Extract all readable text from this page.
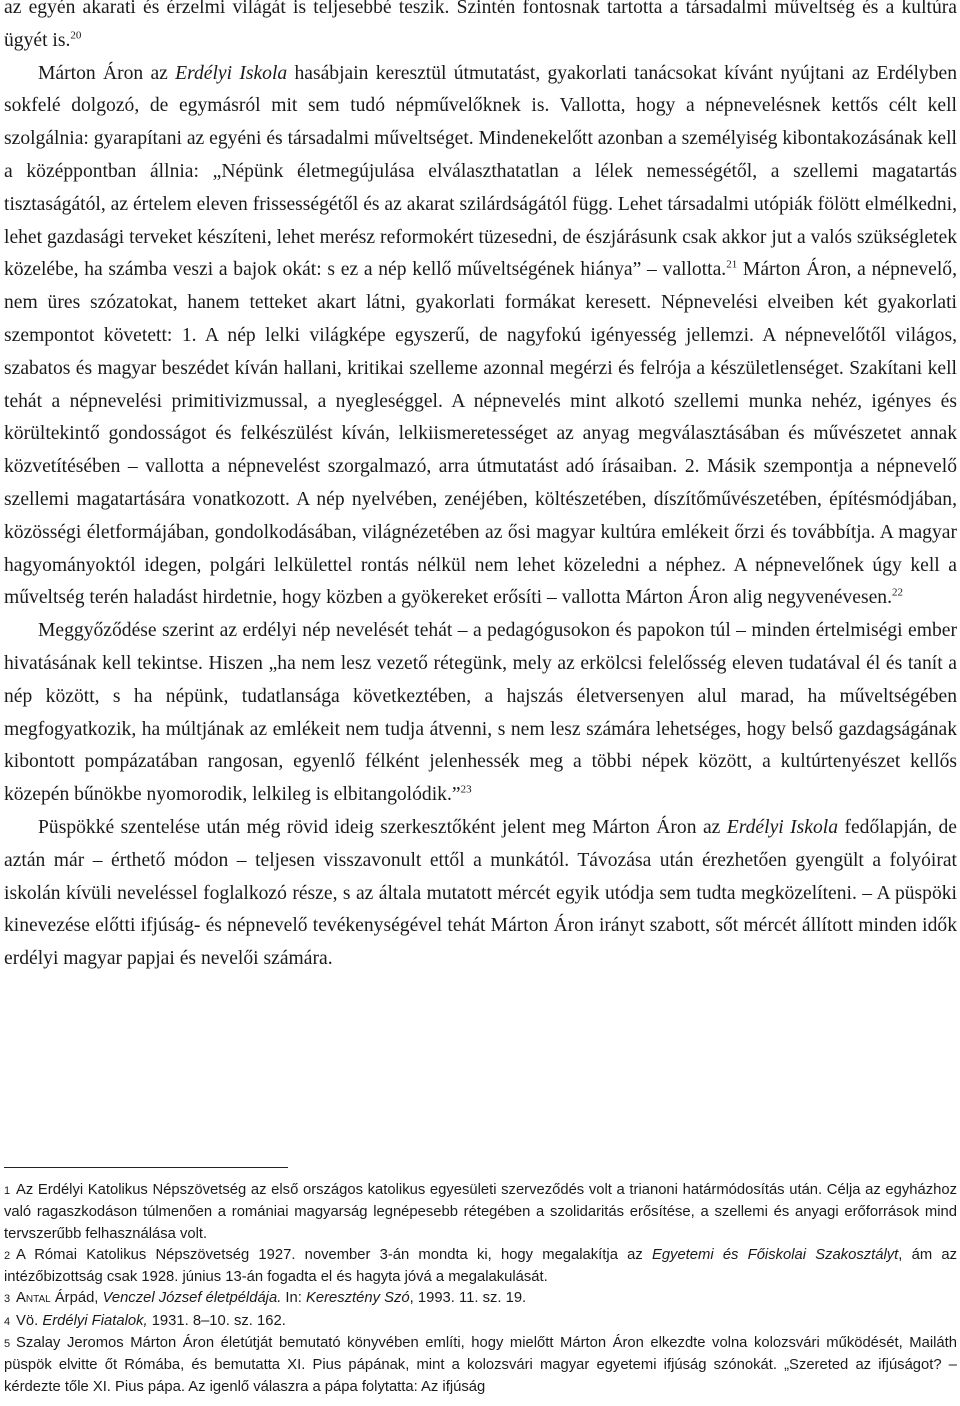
az egyén akarati és érzelmi világát is teljesebbé teszik. Szintén fontosnak tartotta a társadalmi műveltség és a kultúra ügyét is.$^{20}$

Márton Áron az Erdélyi Iskola hasábjain keresztül útmutatást, gyakorlati tanácsokat kívánt nyújtani az Erdélyben sokfelé dolgozó, de egymásról mit sem tudó népművelőknek is. Vallotta, hogy a népnevelésnek kettős célt kell szolgálnia: gyarapítani az egyéni és társadalmi műveltséget. Mindenekelőtt azonban a személyiség kibontakozásának kell a középpontban állnia: „Népünk életmegújulása elválaszthatatlan a lélek nemességétől, a szellemi magatartás tisztaságától, az értelem eleven frissességétől és az akarat szilárdságától függ. Lehet társadalmi utópiák fölött elmélkedni, lehet gazdasági terveket készíteni, lehet merész reformokért tüzesedni, de észjárásunk csak akkor jut a valós szükségletek közelébe, ha számba veszi a bajok okát: s ez a nép kellő műveltségének hiánya” – vallotta.$^{21}$ Márton Áron, a népnevelő, nem üres szózatokat, hanem tetteket akart látni, gyakorlati formákat keresett. Népnevelési elveiben két gyakorlati szempontot követett: 1. A nép lelki világképe egyszerű, de nagyfokú igényesség jellemzi. A népnevelőtől világos, szabatos és magyar beszédet kíván hallani, kritikai szelleme azonnal megérzi és felrója a készületlenséget. Szakítani kell tehát a népnevelési primitivizmussal, a nyegleséggel. A népnevelés mint alkotó szellemi munka nehéz, igényes és körültekintő gondosságot és felkészülést kíván, lelkiismeretességet az anyag megválasztásában és művészetet annak közvetítésében – vallotta a népnevelést szorgalmazó, arra útmutatást adó írásaiban. 2. Másik szempontja a népnevelő szellemi magatartására vonatkozott. A nép nyelvében, zenéjében, költészetében, díszítőművészetében, építésmódjában, közösségi életformájában, gondolkodásában, világnézetében az ősi magyar kultúra emlékeit őrzi és továbbítja. A magyar hagyományoktól idegen, polgári lelkülettel rontás nélkül nem lehet közeledni a néphez. A népnevelőnek úgy kell a műveltség terén haladást hirdetnie, hogy közben a gyökereket erősíti – vallotta Márton Áron alig negyvenévesen.$^{22}$

Meggyőződése szerint az erdélyi nép nevelését tehát – a pedagógusokon és papokon túl – minden értelmiségi ember hivatásának kell tekintse. Hiszen „ha nem lesz vezető rétegünk, mely az erkölcsi felelősség eleven tudatával él és tanít a nép között, s ha népünk, tudatlansága következtében, a hajszás életversenyen alul marad, ha műveltségében megfogyatkozik, ha múltjának az emlékeit nem tudja átvenni, s nem lesz számára lehetséges, hogy belső gazdagságának kibontott pompázatában rangosan, egyenlő félként jelenhessék meg a többi népek között, a kultúrtenyészet kellős közepén bűnökbe nyomorodik, lelkileg is elbitangolódik.”$^{23}$

Püspökké szentelése után még rövid ideig szerkesztőként jelent meg Márton Áron az Erdélyi Iskola fedőlapján, de aztán már – érthető módon – teljesen visszavonult ettől a munkától. Távozása után érezhetően gyengült a folyóirat iskolán kívüli neveléssel foglalkozó része, s az általa mutatott mércét egyik utódja sem tudta megközelíteni. – A püspöki kinevezése előtti ifjúság- és népnevelő tevékenységével tehát Márton Áron irányt szabott, sőt mércét állított minden idők erdélyi magyar papjai és nevelői számára.

1 Az Erdélyi Katolikus Népszövetség az első országos katolikus egyesületi szerveződés volt a trianoni határmódosítás után. Célja az egyházhoz való ragaszkodáson túlmenően a romániai magyarság legnépesebb rétegében a szolidaritás erősítése, a szellemi és anyagi erőforrások mind tervszerűbb felhasználása volt.

2 A Római Katolikus Népszövetség 1927. november 3-án mondta ki, hogy megalakítja az Egyetemi és Főiskolai Szakosztályt, ám az intézőbizottság csak 1928. június 13-án fogadta el és hagyta jóvá a megalakulását.

3 Antal Árpád, Venczel József életpéldája. In: Keresztény Szó, 1993. 11. sz. 19.

4 Vö. Erdélyi Fiatalok, 1931. 8–10. sz. 162.

5 Szalay Jeromos Márton Áron életútját bemutató könyvében említi, hogy mielőtt Márton Áron elkezdte volna kolozsvári működését, Mailáth püspök elvitte őt Rómába, és bemutatta XI. Pius pápának, mint a kolozsvári magyar egyetemi ifjúság szónokát. „Szereted az ifjúságot? – kérdezte tőle XI. Pius pápa. Az igenlő válaszra a pápa folytatta: Az ifjúság
